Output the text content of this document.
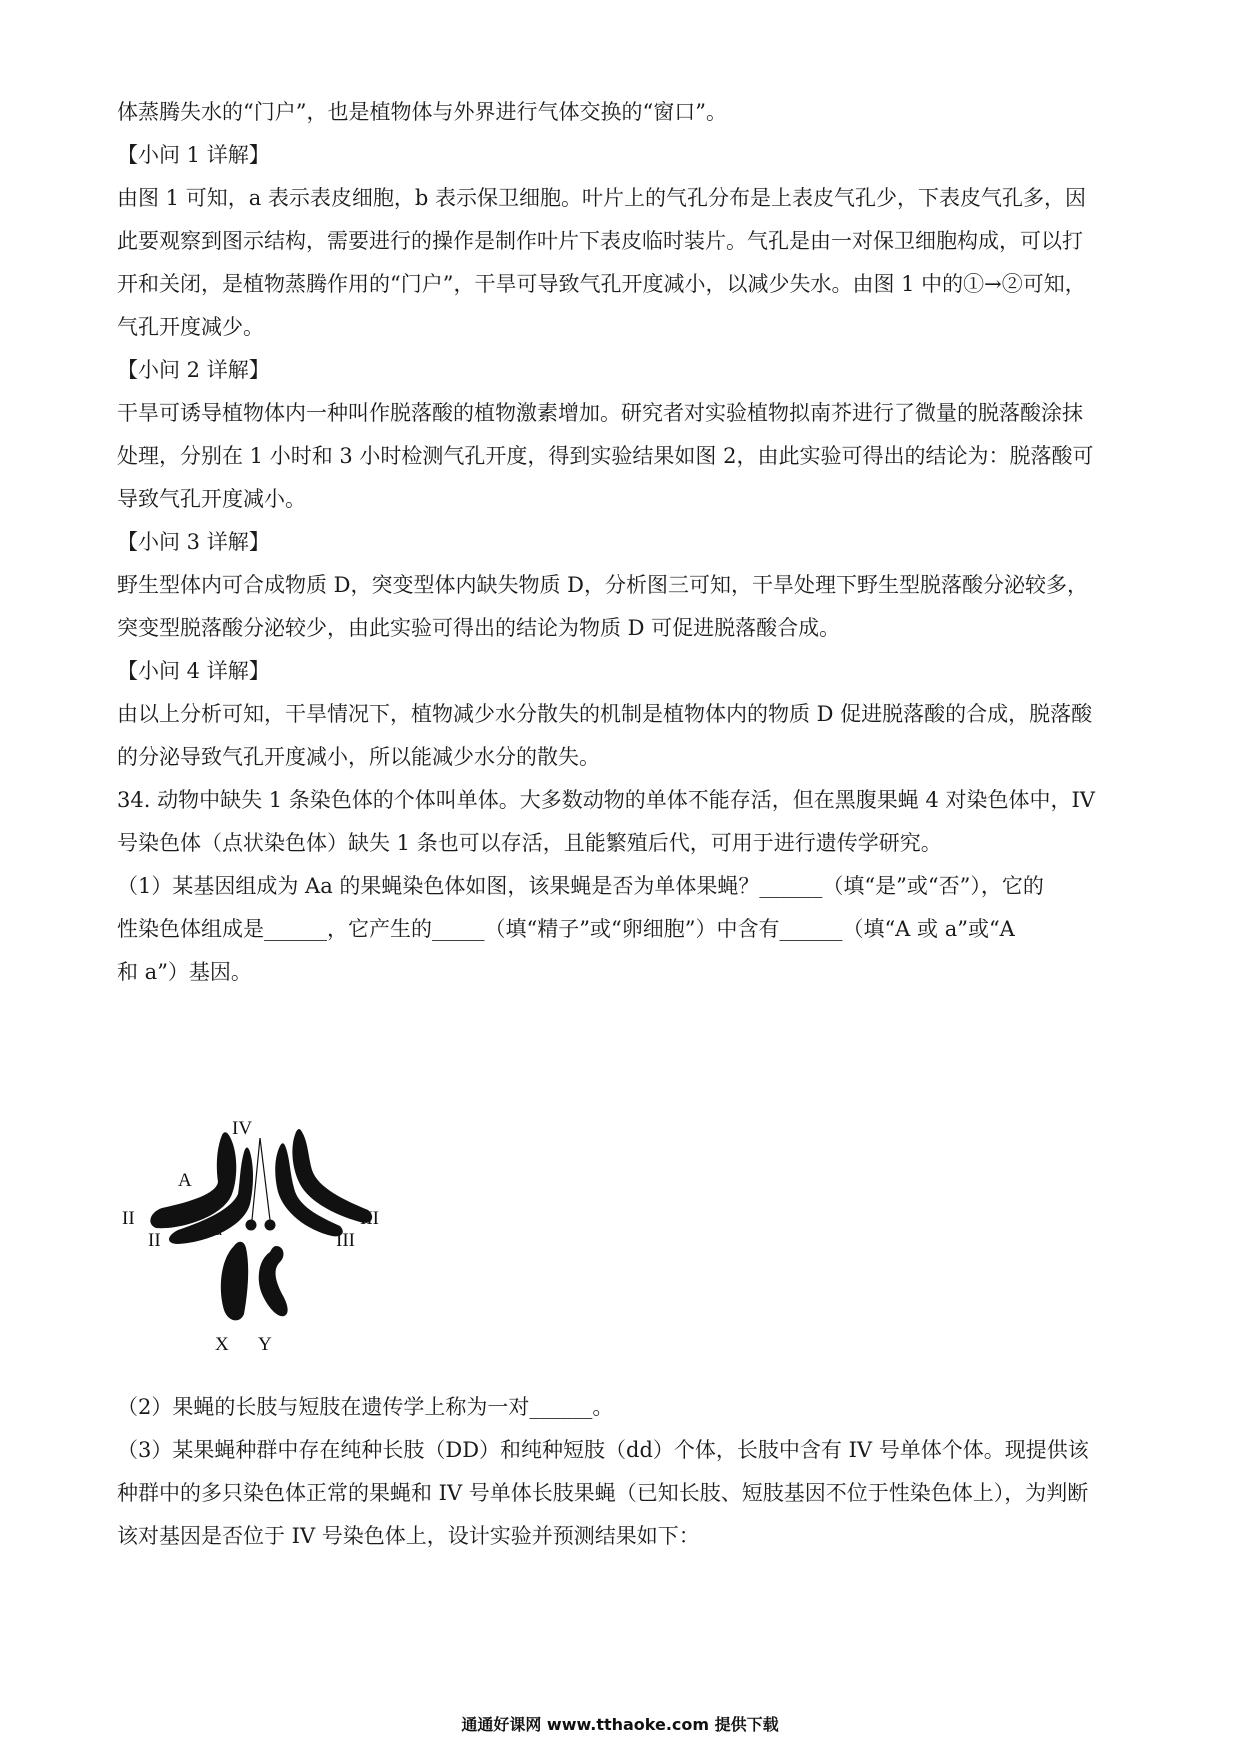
体蒸腾失水的“门户”，也是植物体与外界进行气体交换的“窗口”。
【小问 1 详解】
由图 1 可知，a 表示表皮细胞，b 表示保卫细胞。叶片上的气孔分布是上表皮气孔少，下表皮气孔多，因
此要观察到图示结构，需要进行的操作是制作叶片下表皮临时装片。气孔是由一对保卫细胞构成，可以打
开和关闭，是植物蒸腾作用的“门户”，干旱可导致气孔开度减小，以减少失水。由图 1 中的①→②可知，
气孔开度减少。
【小问 2 详解】
干旱可诱导植物体内一种叫作脱落酸的植物激素增加。研究者对实验植物拟南芥进行了微量的脱落酸涂抹
处理，分别在 1 小时和 3 小时检测气孔开度，得到实验结果如图 2，由此实验可得出的结论为：脱落酸可
导致气孔开度减小。
【小问 3 详解】
野生型体内可合成物质 D，突变型体内缺失物质 D，分析图三可知，干旱处理下野生型脱落酸分泌较多，
突变型脱落酸分泌较少，由此实验可得出的结论为物质 D 可促进脱落酸合成。
【小问 4 详解】
由以上分析可知，干旱情况下，植物减少水分散失的机制是植物体内的物质 D 促进脱落酸的合成，脱落酸
的分泌导致气孔开度减小，所以能减少水分的散失。
34. 动物中缺失 1 条染色体的个体叫单体。大多数动物的单体不能存活，但在黑腹果蝇 4 对染色体中，IV
号染色体（点状染色体）缺失 1 条也可以存活，且能繁殖后代，可用于进行遗传学研究。
（1）某基因组成为 Aa 的果蝇染色体如图，该果蝇是否为单体果蝇？______（填“是”或“否”），它的
性染色体组成是______，它产生的_____（填“精子”或“卵细胞”）中含有______（填“A 或 a”或“A
和 a”）基因。
IV
A
a
II
II
III
III
X Y
（2）果蝇的长肢与短肢在遗传学上称为一对______。
（3）某果蝇种群中存在纯种长肢（DD）和纯种短肢（dd）个体，长肢中含有 IV 号单体个体。现提供该
种群中的多只染色体正常的果蝇和 IV 号单体长肢果蝇（已知长肢、短肢基因不位于性染色体上），为判断
该对基因是否位于 IV 号染色体上，设计实验并预测结果如下：
通通好课网 www.tthaoke.com 提供下载
